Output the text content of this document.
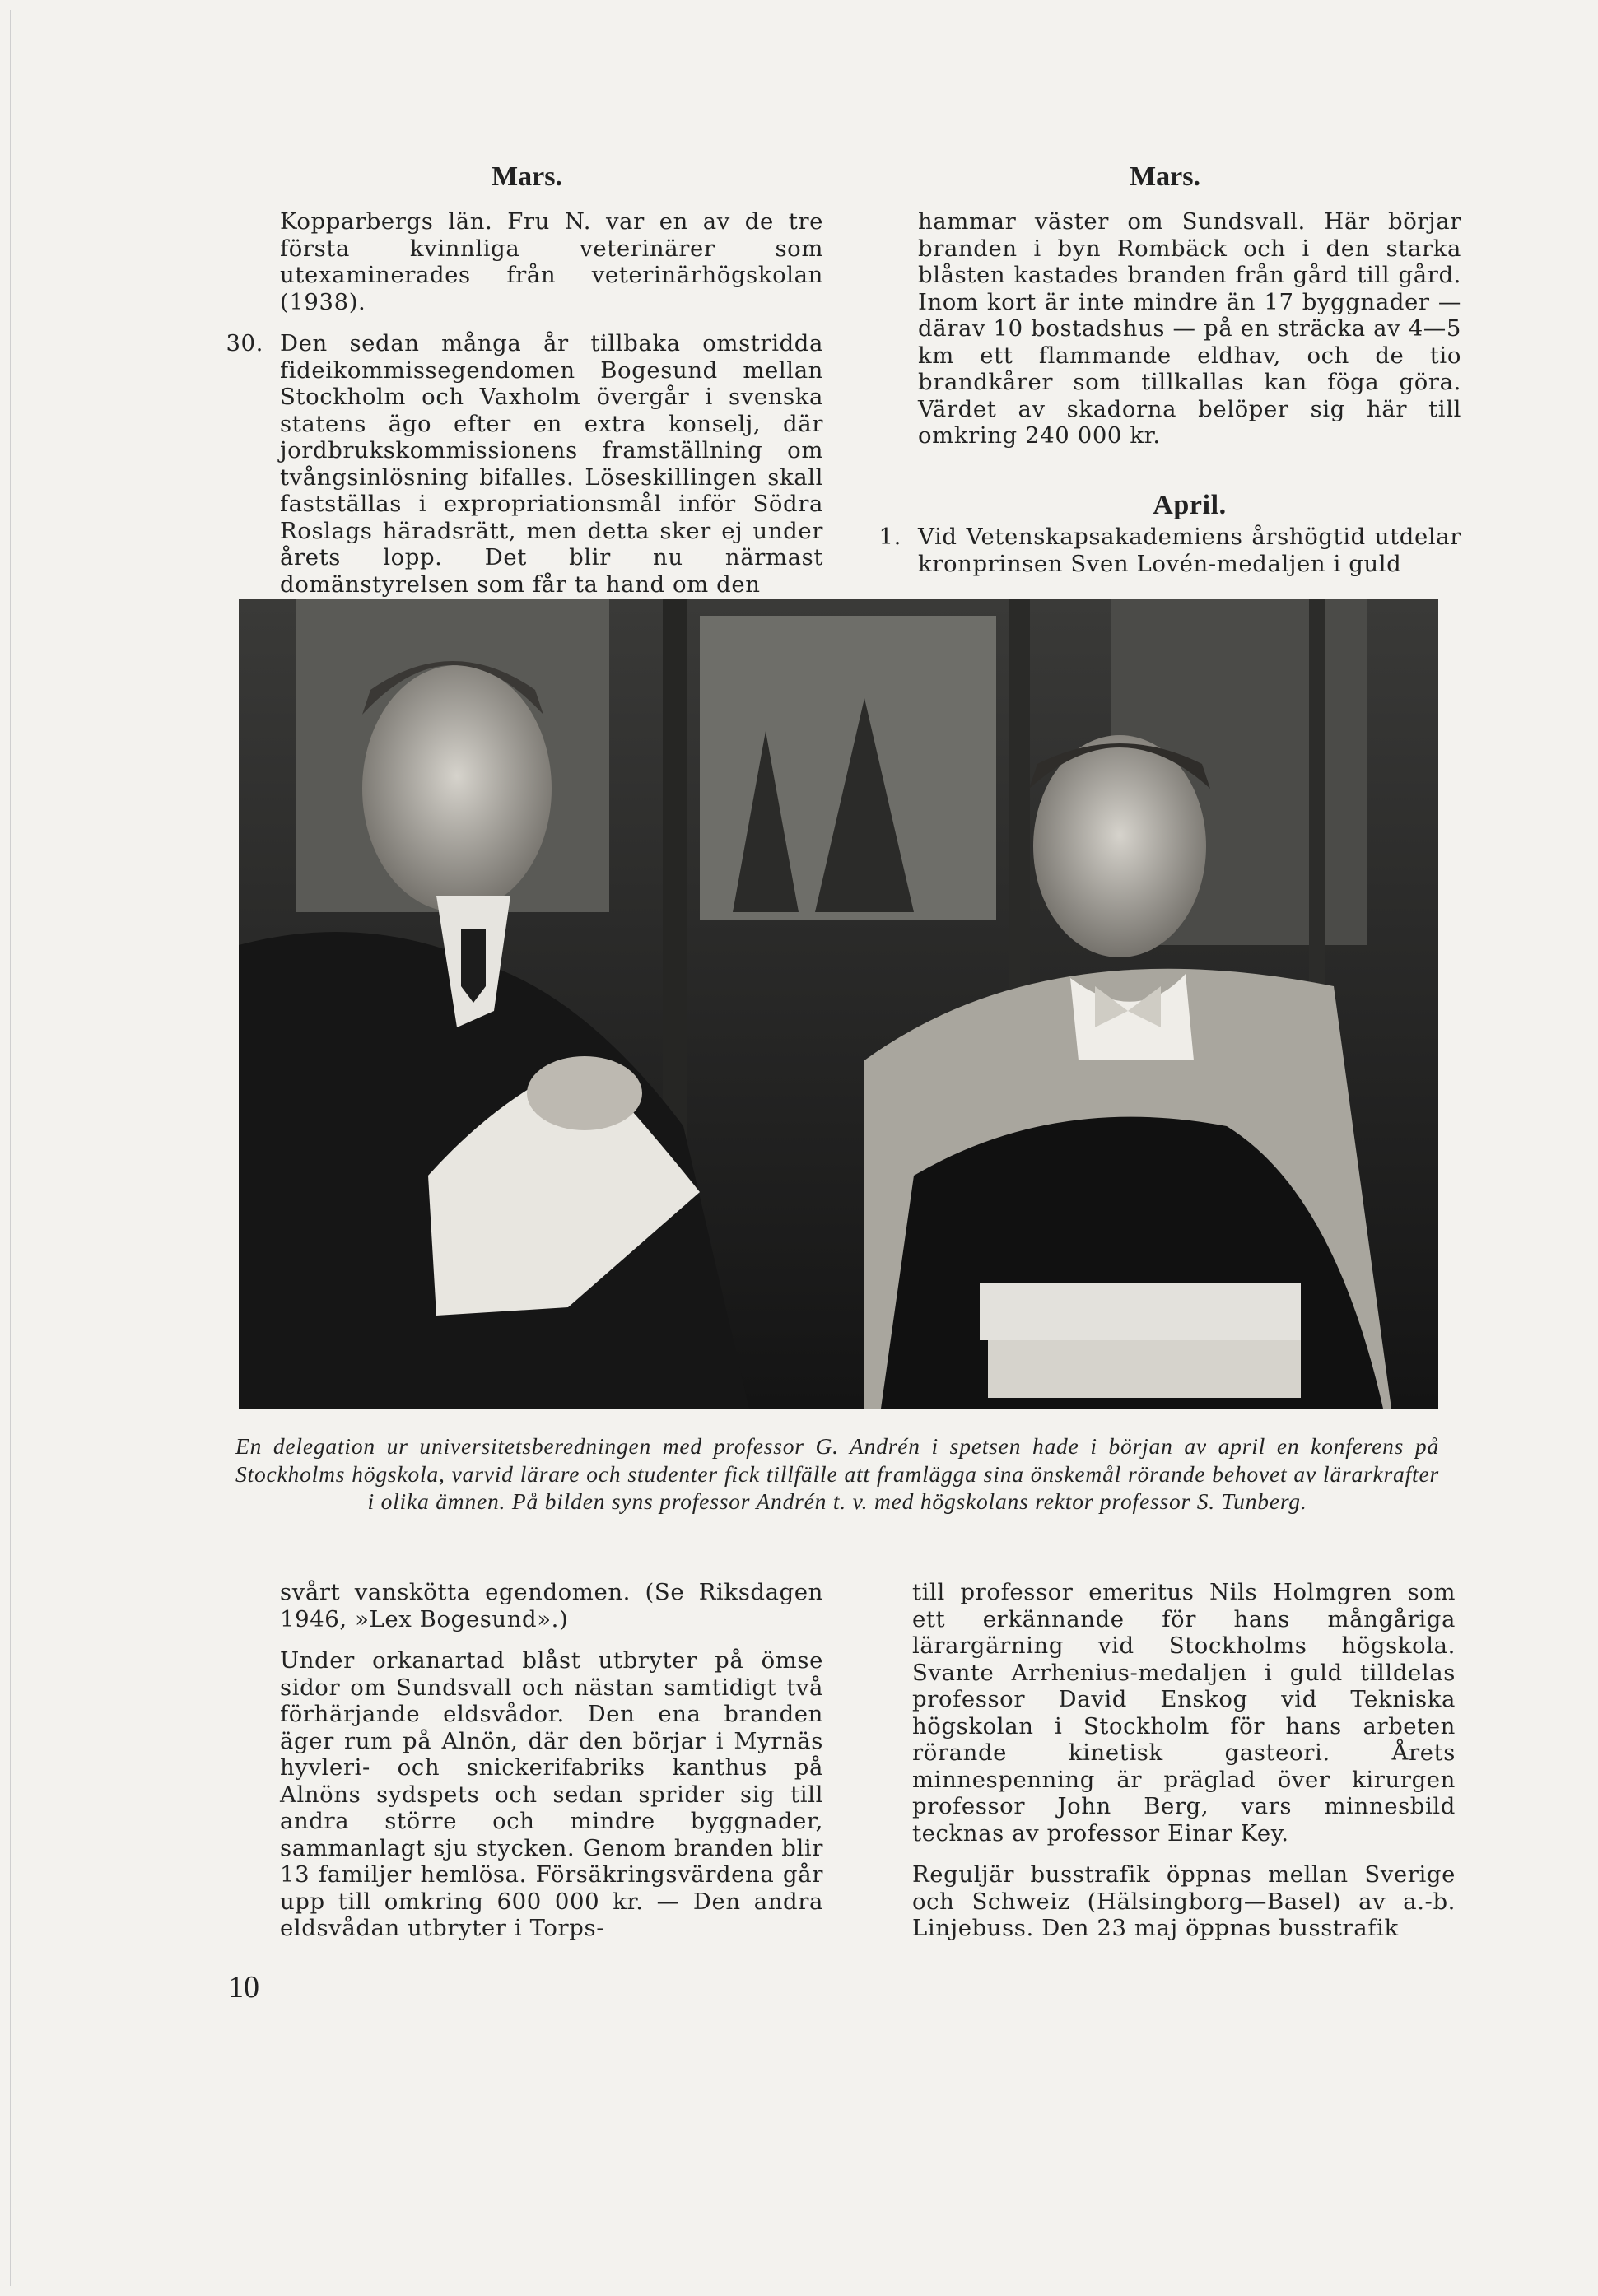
Mars.

Kopparbergs län. Fru N. var en av de tre första kvinnliga veterinärer som utexaminerades från veterinärhögskolan (1938).

30. Den sedan många år tillbaka omstridda fideikommissegendomen Bogesund mellan Stockholm och Vaxholm övergår i svenska statens ägo efter en extra konselj, där jordbrukskommissionens framställning om tvångsinlösning bifalles. Löseskillingen skall fastställas i expropriationsmål inför Södra Roslags häradsrätt, men detta sker ej under årets lopp. Det blir nu närmast domänstyrelsen som får ta hand om den

Mars.

hammar väster om Sundsvall. Här börjar branden i byn Rombäck och i den starka blåsten kastades branden från gård till gård. Inom kort är inte mindre än 17 byggnader — därav 10 bostadshus — på en sträcka av 4—5 km ett flammande eldhav, och de tio brandkårer som tillkallas kan föga göra. Värdet av skadorna belöper sig här till omkring 240 000 kr.

April.
1. Vid Vetenskapsakademiens årshögtid utdelar kronprinsen Sven Lovén-medaljen i guld

En delegation ur universitetsberedningen med professor G. Andrén i spetsen hade i början av april en konferens på Stockholms högskola, varvid lärare och studenter fick tillfälle att framlägga sina önskemål rörande behovet av lärarkrafter i olika ämnen. På bilden syns professor Andrén t. v. med högskolans rektor professor S. Tunberg.

svårt vansköttа egendomen. (Se Riksdagen 1946, »Lex Bogesund».)

Under orkanartad blåst utbryter på ömse sidor om Sundsvall och nästan samtidigt två förhärjande eldsvådor. Den ena branden äger rum på Alnön, där den börjar i Myrnäs hyvleri- och snickerifabriks kanthus på Alnöns sydspets och sedan sprider sig till andra större och mindre byggnader, sammanlagt sju stycken. Genom branden blir 13 familjer hemlösa. Försäkringsvärdena går upp till omkring 600 000 kr. — Den andra eldsvådan utbryter i Torps-

till professor emeritus Nils Holmgren som ett erkännande för hans mångåriga lärargärning vid Stockholms högskola. Svante Arrhenius-medaljen i guld tilldelas professor David Enskog vid Tekniska högskolan i Stockholm för hans arbeten rörande kinetisk gasteori. Årets minnespenning är präglad över kirurgen professor John Berg, vars minnesbild tecknas av professor Einar Key.

Reguljär busstrafik öppnas mellan Sverige och Schweiz (Hälsingborg—Basel) av a.-b. Linjebuss. Den 23 maj öppnas busstrafik

10
